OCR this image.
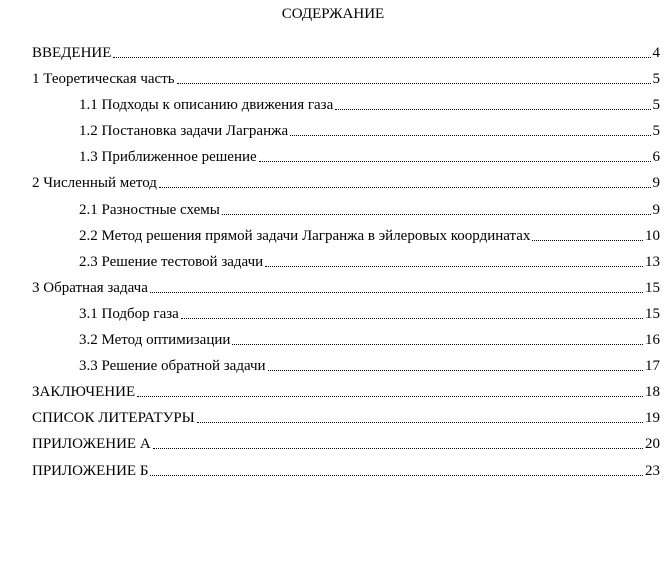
СОДЕРЖАНИЕ
ВВЕДЕНИЕ	4
1 Теоретическая часть	5
1.1 Подходы к описанию движения газа	5
1.2 Постановка задачи Лагранжа	5
1.3 Приближенное решение	6
2 Численный метод	9
2.1 Разностные схемы	9
2.2 Метод решения прямой задачи Лагранжа в эйлеровых координатах	10
2.3 Решение тестовой задачи	13
3 Обратная задача	15
3.1 Подбор газа	15
3.2 Метод оптимизации	16
3.3 Решение обратной задачи	17
ЗАКЛЮЧЕНИЕ	18
СПИСОК ЛИТЕРАТУРЫ	19
ПРИЛОЖЕНИЕ А	20
ПРИЛОЖЕНИЕ Б	23
